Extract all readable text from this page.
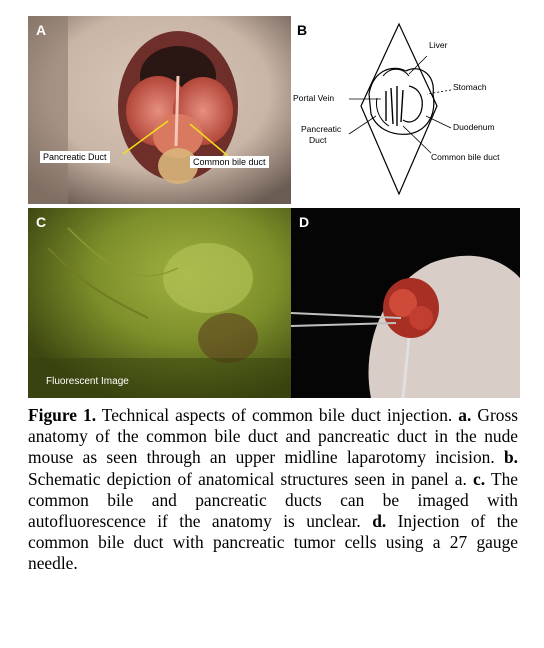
A
Pancreatic Duct	Common bile duct
B
Liver
Stomach
Portal Vein
Pancreatic
Duct
Duodenum
Common bile duct
C
Fluorescent Image
D
Figure 1. Technical aspects of common bile duct injection. a. Gross anatomy of the common bile duct and pancreatic duct in the nude mouse as seen through an upper midline laparotomy incision. b. Schematic depiction of anatomical structures seen in panel a. c. The common bile and pancreatic ducts can be imaged with autofluorescence if the anatomy is unclear. d. Injection of the common bile duct with pancreatic tumor cells using a 27 gauge needle.
